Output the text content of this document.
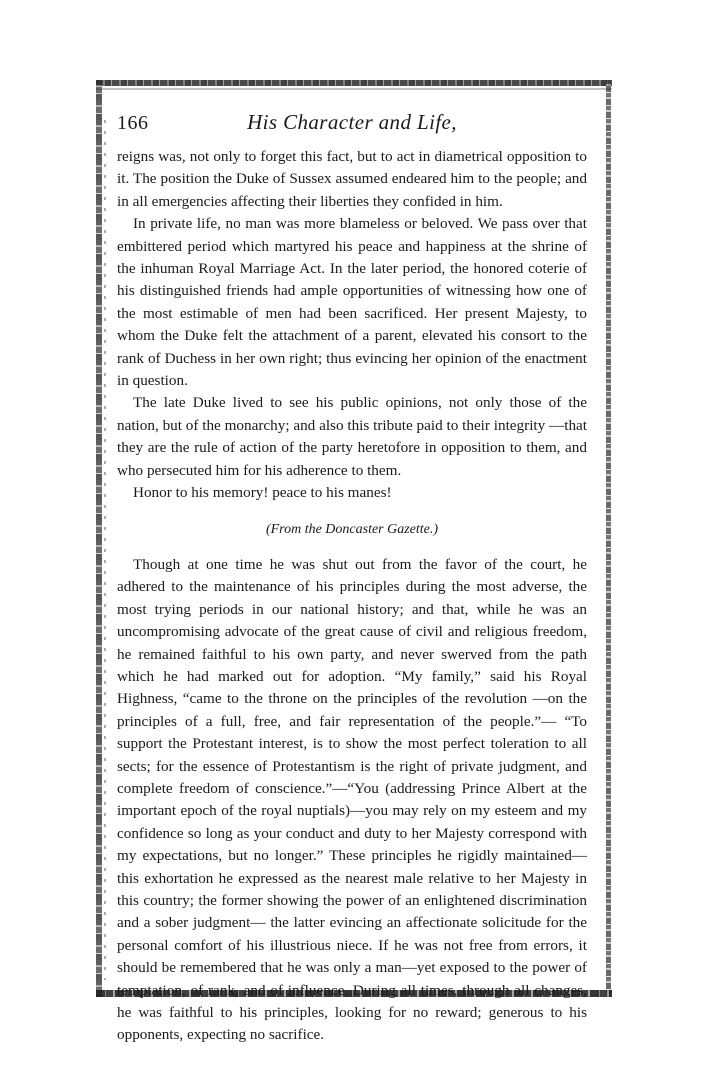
166	His Character and Life,

reigns was, not only to forget this fact, but to act in diametrical opposition to it. The position the Duke of Sussex assumed endeared him to the people; and in all emergencies affecting their liberties they confided in him.

In private life, no man was more blameless or beloved. We pass over that embittered period which martyred his peace and happiness at the shrine of the inhuman Royal Marriage Act. In the later period, the honored coterie of his distinguished friends had ample opportunities of witnessing how one of the most estimable of men had been sacrificed. Her present Majesty, to whom the Duke felt the attachment of a parent, elevated his consort to the rank of Duchess in her own right; thus evincing her opinion of the enactment in question.

The late Duke lived to see his public opinions, not only those of the nation, but of the monarchy; and also this tribute paid to their integrity —that they are the rule of action of the party heretofore in opposition to them, and who persecuted him for his adherence to them.

Honor to his memory! peace to his manes!

(From the Doncaster Gazette.)

Though at one time he was shut out from the favor of the court, he adhered to the maintenance of his principles during the most adverse, the most trying periods in our national history; and that, while he was an uncompromising advocate of the great cause of civil and religious freedom, he remained faithful to his own party, and never swerved from the path which he had marked out for adoption. “My family,” said his Royal Highness, “came to the throne on the principles of the revolution —on the principles of a full, free, and fair representation of the people.”— “To support the Protestant interest, is to show the most perfect toleration to all sects; for the essence of Protestantism is the right of private judgment, and complete freedom of conscience.”—“You (addressing Prince Albert at the important epoch of the royal nuptials)—you may rely on my esteem and my confidence so long as your conduct and duty to her Majesty correspond with my expectations, but no longer.” These principles he rigidly maintained—this exhortation he expressed as the nearest male relative to her Majesty in this country; the former showing the power of an enlightened discrimination and a sober judgment— the latter evincing an affectionate solicitude for the personal comfort of his illustrious niece. If he was not free from errors, it should be remembered that he was only a man—yet exposed to the power of temptation, of rank, and of influence. During all times, through all changes, he was faithful to his principles, looking for no reward; generous to his opponents, expecting no sacrifice.
